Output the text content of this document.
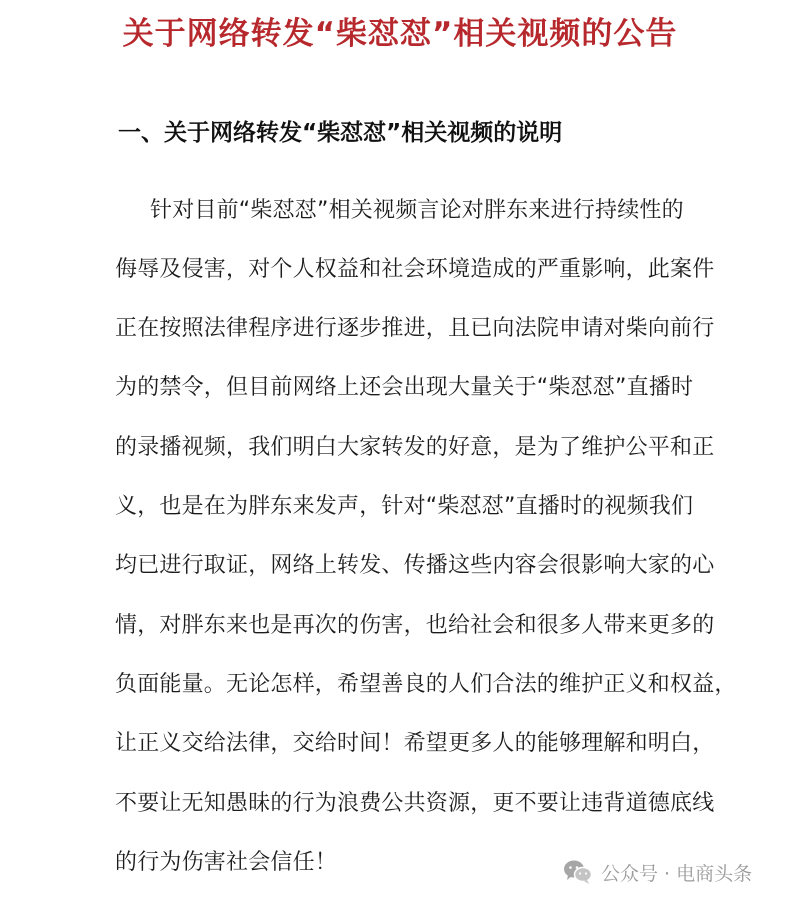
关于网络转发“柴怼怼”相关视频的公告
一、关于网络转发“柴怼怼”相关视频的说明
针对目前“柴怼怼”相关视频言论对胖东来进行持续性的
侮辱及侵害，对个人权益和社会环境造成的严重影响，此案件
正在按照法律程序进行逐步推进，且已向法院申请对柴向前行
为的禁令，但目前网络上还会出现大量关于“柴怼怼”直播时
的录播视频，我们明白大家转发的好意，是为了维护公平和正
义，也是在为胖东来发声，针对“柴怼怼”直播时的视频我们
均已进行取证，网络上转发、传播这些内容会很影响大家的心
情，对胖东来也是再次的伤害，也给社会和很多人带来更多的
负面能量。无论怎样，希望善良的人们合法的维护正义和权益，
让正义交给法律，交给时间！希望更多人的能够理解和明白，
不要让无知愚昧的行为浪费公共资源，更不要让违背道德底线
的行为伤害社会信任！	公众号 · 电商头条
